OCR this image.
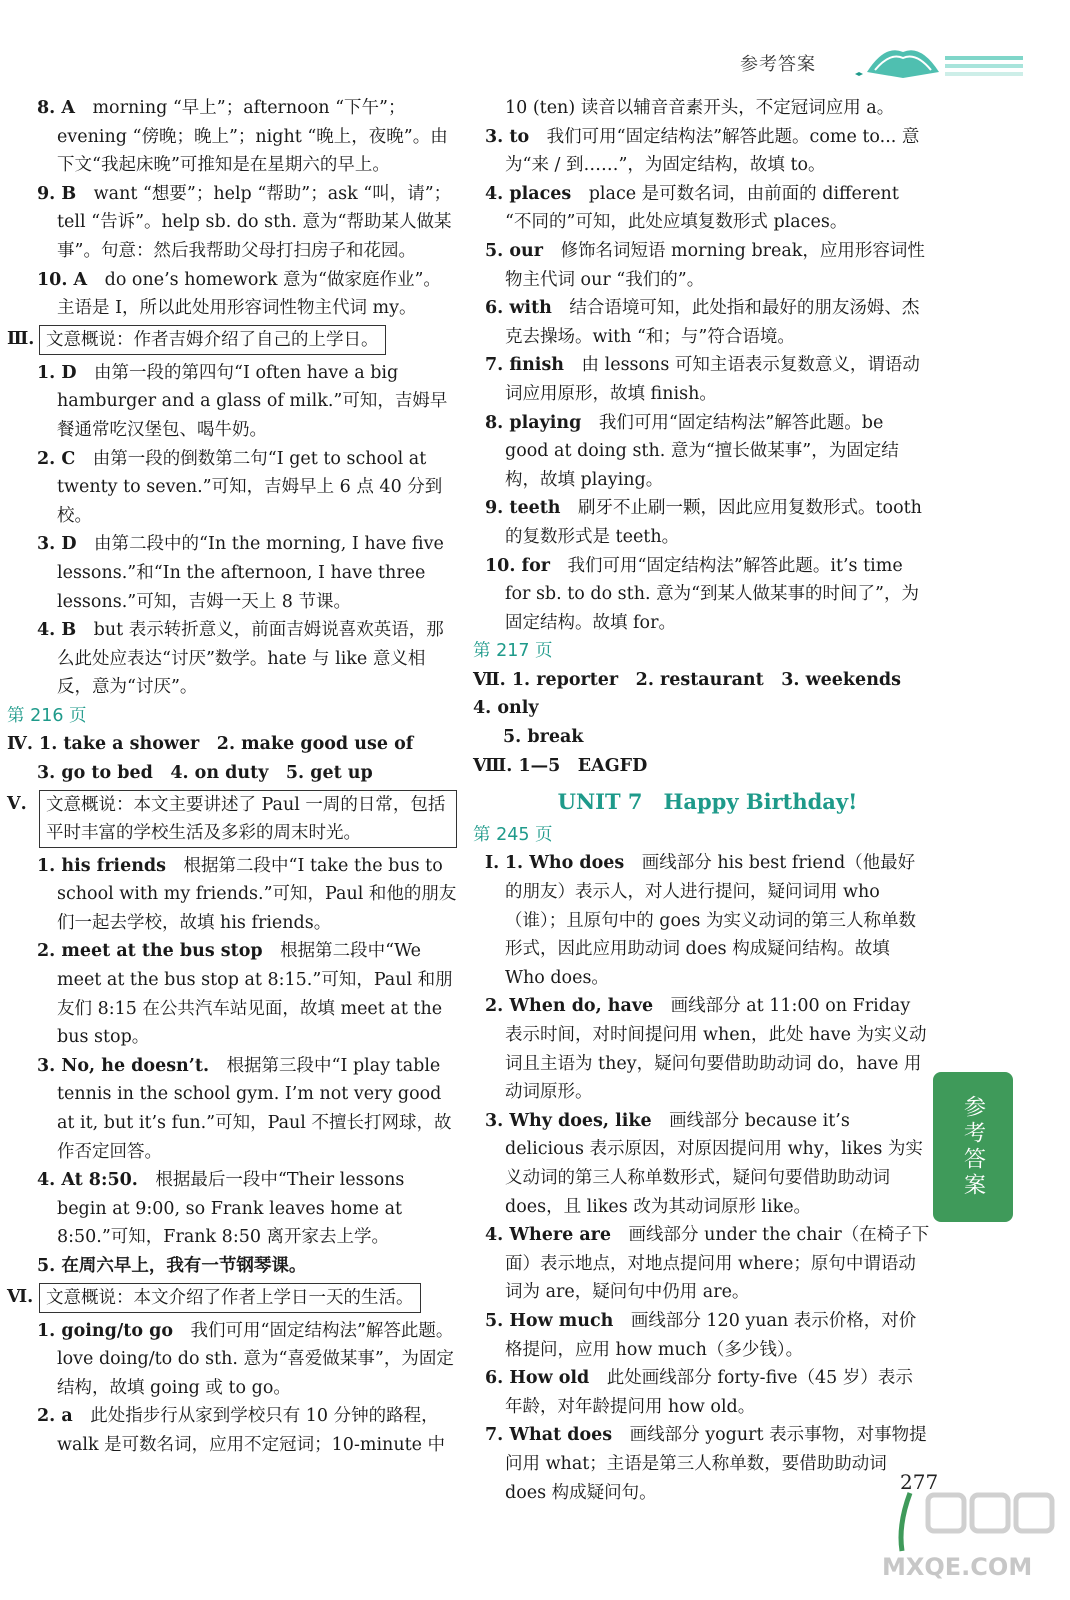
参考答案
8. A　 morning “早上”；afternoon “下午”；evening “傍晚；晚上”；night “晚上，夜晚”。由下文“我起床晚”可推知是在星期六的早上。
9. B　 want “想要”；help “帮助”；ask “叫，请”；tell “告诉”。help sb. do sth. 意为“帮助某人做某事”。句意：然后我帮助父母打扫房子和花园。
10. A　 do one’s homework 意为“做家庭作业”。主语是 I，所以此处用形容词性物主代词 my。
Ⅲ. 文意概说：作者吉姆介绍了自己的上学日。
1. D　 由第一段的第四句“I often have a big hamburger and a glass of milk.”可知，吉姆早餐通常吃汉堡包、喝牛奶。
2. C　 由第一段的倒数第二句“I get to school at twenty to seven.”可知，吉姆早上 6 点 40 分到校。
3. D　 由第二段中的“In the morning, I have five lessons.”和“In the afternoon, I have three lessons.”可知，吉姆一天上 8 节课。
4. B　 but 表示转折意义，前面吉姆说喜欢英语，那么此处应表达“讨厌”数学。hate 与 like 意义相反，意为“讨厌”。
第 216 页
Ⅳ. 1. take a shower　2. make good use of
3. go to bed　4. on duty　5. get up
Ⅴ.	文意概说：本文主要讲述了 Paul 一周的日常，包括平时丰富的学校生活及多彩的周末时光。
1. his friends　 根据第二段中“I take the bus to school with my friends.”可知，Paul 和他的朋友们一起去学校，故填 his friends。
2. meet at the bus stop　 根据第二段中“We meet at the bus stop at 8:15.”可知，Paul 和朋友们 8:15 在公共汽车站见面，故填 meet at the bus stop。
3. No, he doesn’t.　 根据第三段中“I play table tennis in the school gym. I’m not very good at it, but it’s fun.”可知，Paul 不擅长打网球，故作否定回答。
4. At 8:50.　 根据最后一段中“Their lessons begin at 9:00, so Frank leaves home at 8:50.”可知，Frank 8:50 离开家去上学。
5. 在周六早上，我有一节钢琴课。
Ⅵ. 文意概说：本文介绍了作者上学日一天的生活。
1. going/to go　 我们可用“固定结构法”解答此题。love doing/to do sth. 意为“喜爱做某事”，为固定结构，故填 going 或 to go。
2. a　 此处指步行从家到学校只有 10 分钟的路程，walk 是可数名词，应用不定冠词；10-minute 中
10 (ten) 读音以辅音音素开头，不定冠词应用 a。
3. to　 我们可用“固定结构法”解答此题。come to... 意为“来 / 到……”，为固定结构，故填 to。
4. places　 place 是可数名词，由前面的 different “不同的”可知，此处应填复数形式 places。
5. our　 修饰名词短语 morning break，应用形容词性物主代词 our “我们的”。
6. with　 结合语境可知，此处指和最好的朋友汤姆、杰克去操场。with “和；与”符合语境。
7. finish　 由 lessons 可知主语表示复数意义，谓语动词应用原形，故填 finish。
8. playing　 我们可用“固定结构法”解答此题。be good at doing sth. 意为“擅长做某事”，为固定结构，故填 playing。
9. teeth　 刷牙不止刷一颗，因此应用复数形式。tooth 的复数形式是 teeth。
10. for　 我们可用“固定结构法”解答此题。it’s time for sb. to do sth. 意为“到某人做某事的时间了”，为固定结构。故填 for。
第 217 页
Ⅶ. 1. reporter　2. restaurant　3. weekends　4. only
5. break
Ⅷ. 1—5　EAGFD
UNIT 7　Happy Birthday!
第 245 页
Ⅰ. 1. Who does　 画线部分 his best friend（他最好的朋友）表示人，对人进行提问，疑问词用 who（谁）；且原句中的 goes 为实义动词的第三人称单数形式，因此应用助动词 does 构成疑问结构。故填 Who does。
2. When do, have　 画线部分 at 11:00 on Friday 表示时间，对时间提问用 when，此处 have 为实义动词且主语为 they，疑问句要借助助动词 do，have 用动词原形。
3. Why does, like　 画线部分 because it’s delicious 表示原因，对原因提问用 why，likes 为实义动词的第三人称单数形式，疑问句要借助助动词 does，且 likes 改为其动词原形 like。
4. Where are　 画线部分 under the chair（在椅子下面）表示地点，对地点提问用 where；原句中谓语动词为 are，疑问句中仍用 are。
5. How much　 画线部分 120 yuan 表示价格，对价格提问，应用 how much（多少钱）。
6. How old　 此处画线部分 forty-five（45 岁）表示年龄，对年龄提问用 how old。
7. What does　 画线部分 yogurt 表示事物，对事物提问用 what；主语是第三人称单数，要借助助动词 does 构成疑问句。
参考答案
277
MXQE.COM
